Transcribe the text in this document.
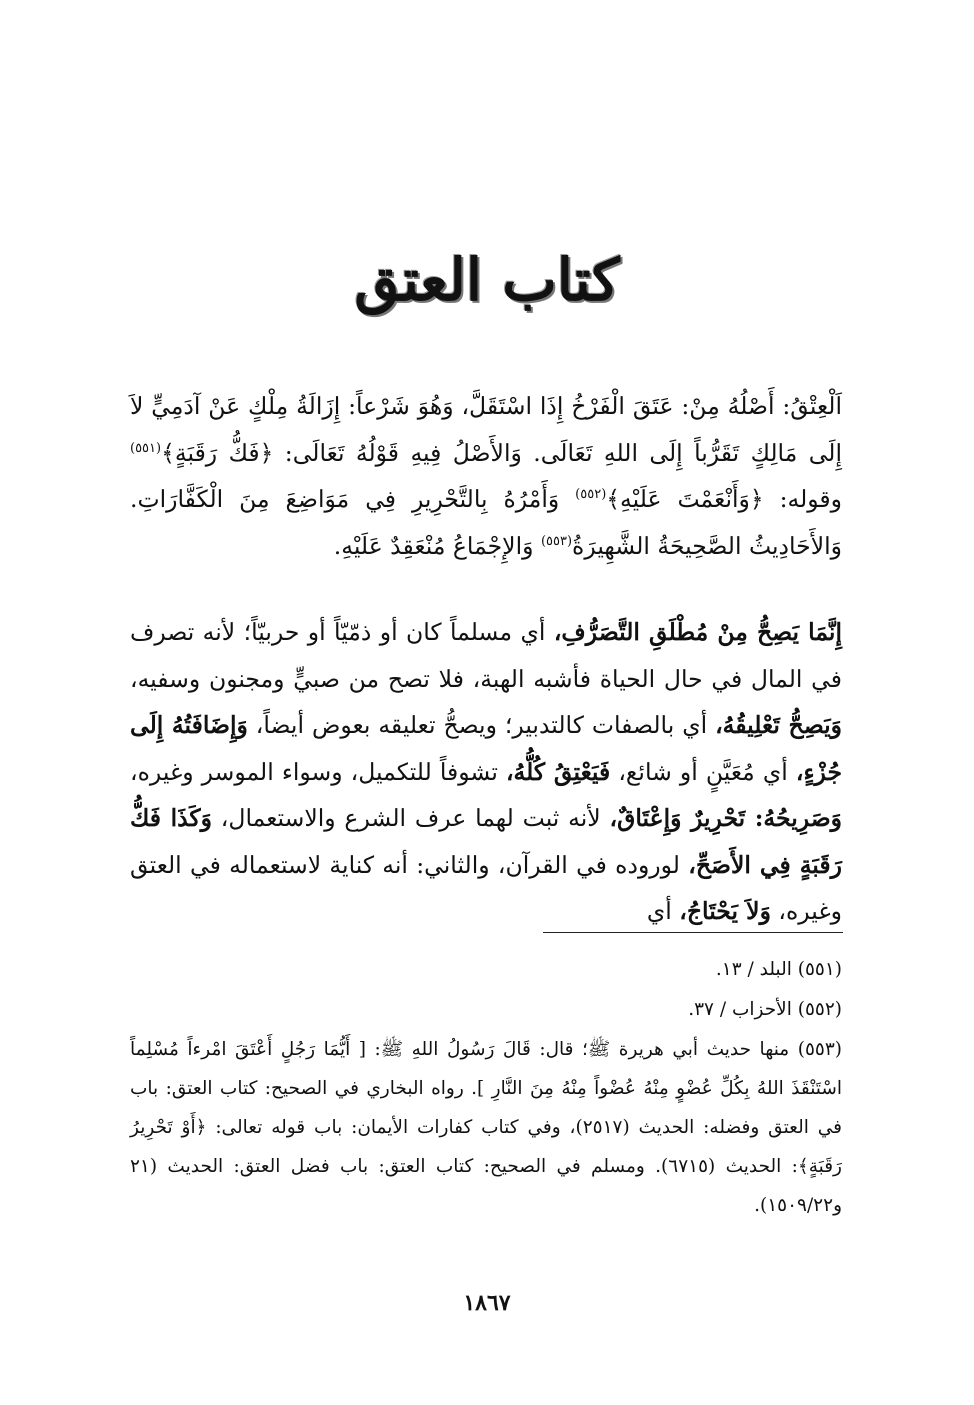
كتاب العتق

اَلْعِتْقُ: أَصْلُهُ مِنْ: عَتَقَ الْفَرْخُ إِذَا اسْتَقَلَّ، وَهُوَ شَرْعاً: إِزَالَةُ مِلْكٍ عَنْ آدَمِيٍّ لاَ إِلَى مَالِكٍ تَقَرُّباً إِلَى اللهِ تَعَالَى. وَالأَصْلُ فِيهِ قَوْلُهُ تَعَالَى: ﴿فَكُّ رَقَبَةٍ﴾$^{(٥٥١)}$ وقوله: ﴿وَأَنْعَمْتَ عَلَيْهِ﴾$^{(٥٥٢)}$ وَأَمْرُهُ بِالتَّحْرِيرِ فِي مَوَاضِعَ مِنَ الْكَفَّارَاتِ. وَالأَحَادِيثُ الصَّحِيحَةُ الشَّهِيرَةُ$^{(٥٥٣)}$ وَالإِجْمَاعُ مُنْعَقِدٌ عَلَيْهِ.

إِنَّمَا يَصِحُّ مِنْ مُطْلَقِ التَّصَرُّفِ، أي مسلماً كان أو ذمّيّاً أو حربيّاً؛ لأنه تصرف في المال في حال الحياة فأشبه الهبة، فلا تصح من صبيٍّ ومجنون وسفيه، وَيَصِحُّ تَعْلِيقُهُ، أي بالصفات كالتدبير؛ ويصحُّ تعليقه بعوض أيضاً، وَإِضَافَتُهُ إِلَى جُزْءٍ، أي مُعَيَّنٍ أو شائع، فَيَعْتِقُ كُلُّهُ، تشوفاً للتكميل، وسواء الموسر وغيره، وَصَرِيحُهُ: تَحْرِيرٌ وَإِعْتَاقٌ، لأنه ثبت لهما عرف الشرع والاستعمال، وَكَذَا فَكُّ رَقَبَةٍ فِي الأَصَحِّ، لوروده في القرآن، والثاني: أنه كناية لاستعماله في العتق وغيره، وَلاَ يَحْتَاجُ، أي

(٥٥١) البلد / ١٣.

(٥٥٢) الأحزاب / ٣٧.

(٥٥٣) منها حديث أبي هريرة ﷺ؛ قال: قَالَ رَسُولُ اللهِ ﷺ: [ أَيُّمَا رَجُلٍ أَعْتَقَ امْرءاً مُسْلِماً اسْتَنْقَذَ اللهُ بِكُلِّ عُضْوٍ مِنْهُ عُضْواً مِنْهُ مِنَ النَّارِ ]. رواه البخاري في الصحيح: كتاب العتق: باب في العتق وفضله: الحديث (٢٥١٧)، وفي كتاب كفارات الأيمان: باب قوله تعالى: ﴿أَوْ تَحْرِيرُ رَقَبَةٍ﴾: الحديث (٦٧١٥). ومسلم في الصحيح: كتاب العتق: باب فضل العتق: الحديث (٢١ و١٥٠٩/٢٢).

١٨٦٧
